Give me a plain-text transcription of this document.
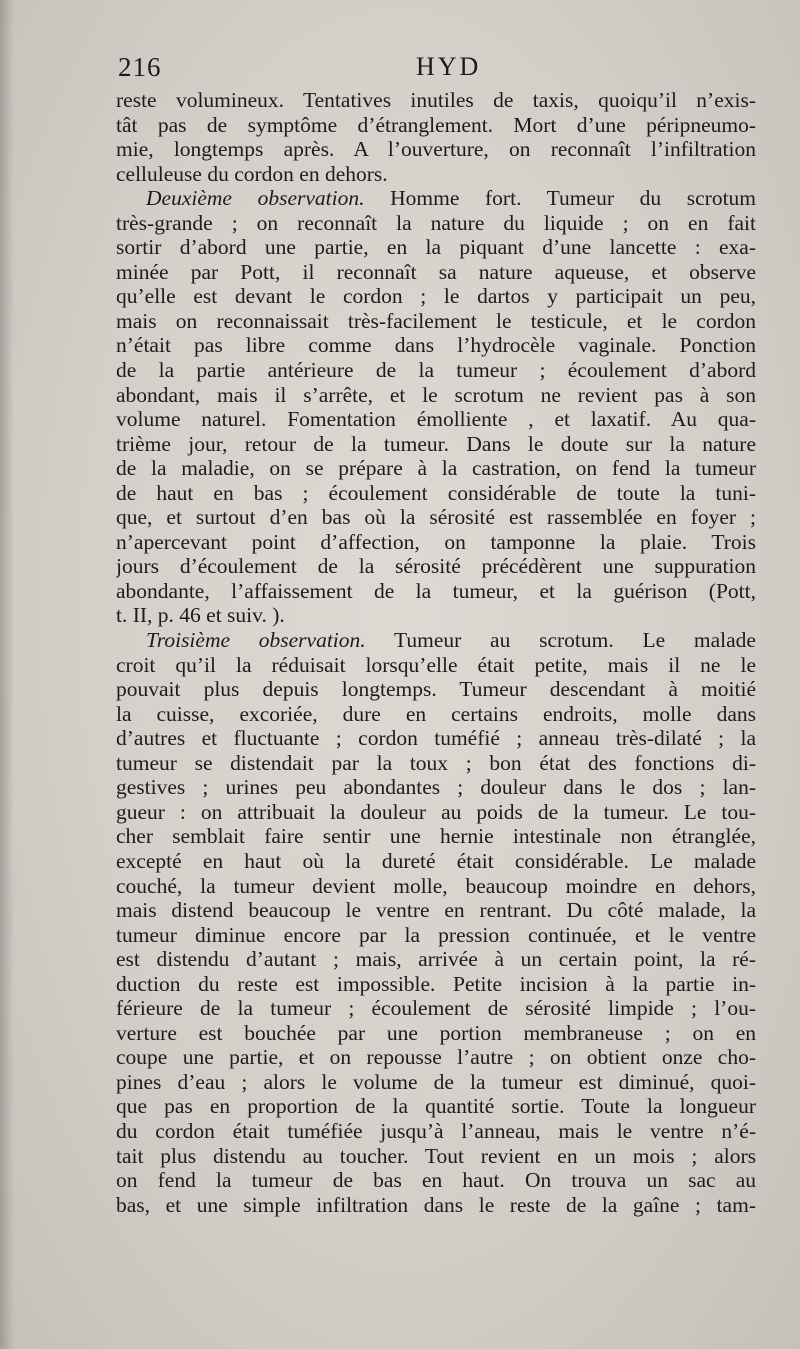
216	HYD
reste volumineux. Tentatives inutiles de taxis, quoiqu’il n’exis-
tât pas de symptôme d’étranglement. Mort d’une péripneumo-
mie, longtemps après. A l’ouverture, on reconnaît l’infiltration
celluleuse du cordon en dehors.
Deuxième observation. Homme fort. Tumeur du scrotum
très-grande ; on reconnaît la nature du liquide ; on en fait
sortir d’abord une partie, en la piquant d’une lancette : exa-
minée par Pott, il reconnaît sa nature aqueuse, et observe
qu’elle est devant le cordon ; le dartos y participait un peu,
mais on reconnaissait très-facilement le testicule, et le cordon
n’était pas libre comme dans l’hydrocèle vaginale. Ponction
de la partie antérieure de la tumeur ; écoulement d’abord
abondant, mais il s’arrête, et le scrotum ne revient pas à son
volume naturel. Fomentation émolliente , et laxatif. Au qua-
trième jour, retour de la tumeur. Dans le doute sur la nature
de la maladie, on se prépare à la castration, on fend la tumeur
de haut en bas ; écoulement considérable de toute la tuni-
que, et surtout d’en bas où la sérosité est rassemblée en foyer ;
n’apercevant point d’affection, on tamponne la plaie. Trois
jours d’écoulement de la sérosité précédèrent une suppuration
abondante, l’affaissement de la tumeur, et la guérison (Pott,
t. II, p. 46 et suiv. ).
Troisième observation. Tumeur au scrotum. Le malade
croit qu’il la réduisait lorsqu’elle était petite, mais il ne le
pouvait plus depuis longtemps. Tumeur descendant à moitié
la cuisse, excoriée, dure en certains endroits, molle dans
d’autres et fluctuante ; cordon tuméfié ; anneau très-dilaté ; la
tumeur se distendait par la toux ; bon état des fonctions di-
gestives ; urines peu abondantes ; douleur dans le dos ; lan-
gueur : on attribuait la douleur au poids de la tumeur. Le tou-
cher semblait faire sentir une hernie intestinale non étranglée,
excepté en haut où la dureté était considérable. Le malade
couché, la tumeur devient molle, beaucoup moindre en dehors,
mais distend beaucoup le ventre en rentrant. Du côté malade, la
tumeur diminue encore par la pression continuée, et le ventre
est distendu d’autant ; mais, arrivée à un certain point, la ré-
duction du reste est impossible. Petite incision à la partie in-
férieure de la tumeur ; écoulement de sérosité limpide ; l’ou-
verture est bouchée par une portion membraneuse ; on en
coupe une partie, et on repousse l’autre ; on obtient onze cho-
pines d’eau ; alors le volume de la tumeur est diminué, quoi-
que pas en proportion de la quantité sortie. Toute la longueur
du cordon était tuméfiée jusqu’à l’anneau, mais le ventre n’é-
tait plus distendu au toucher. Tout revient en un mois ; alors
on fend la tumeur de bas en haut. On trouva un sac au
bas, et une simple infiltration dans le reste de la gaîne ; tam-
